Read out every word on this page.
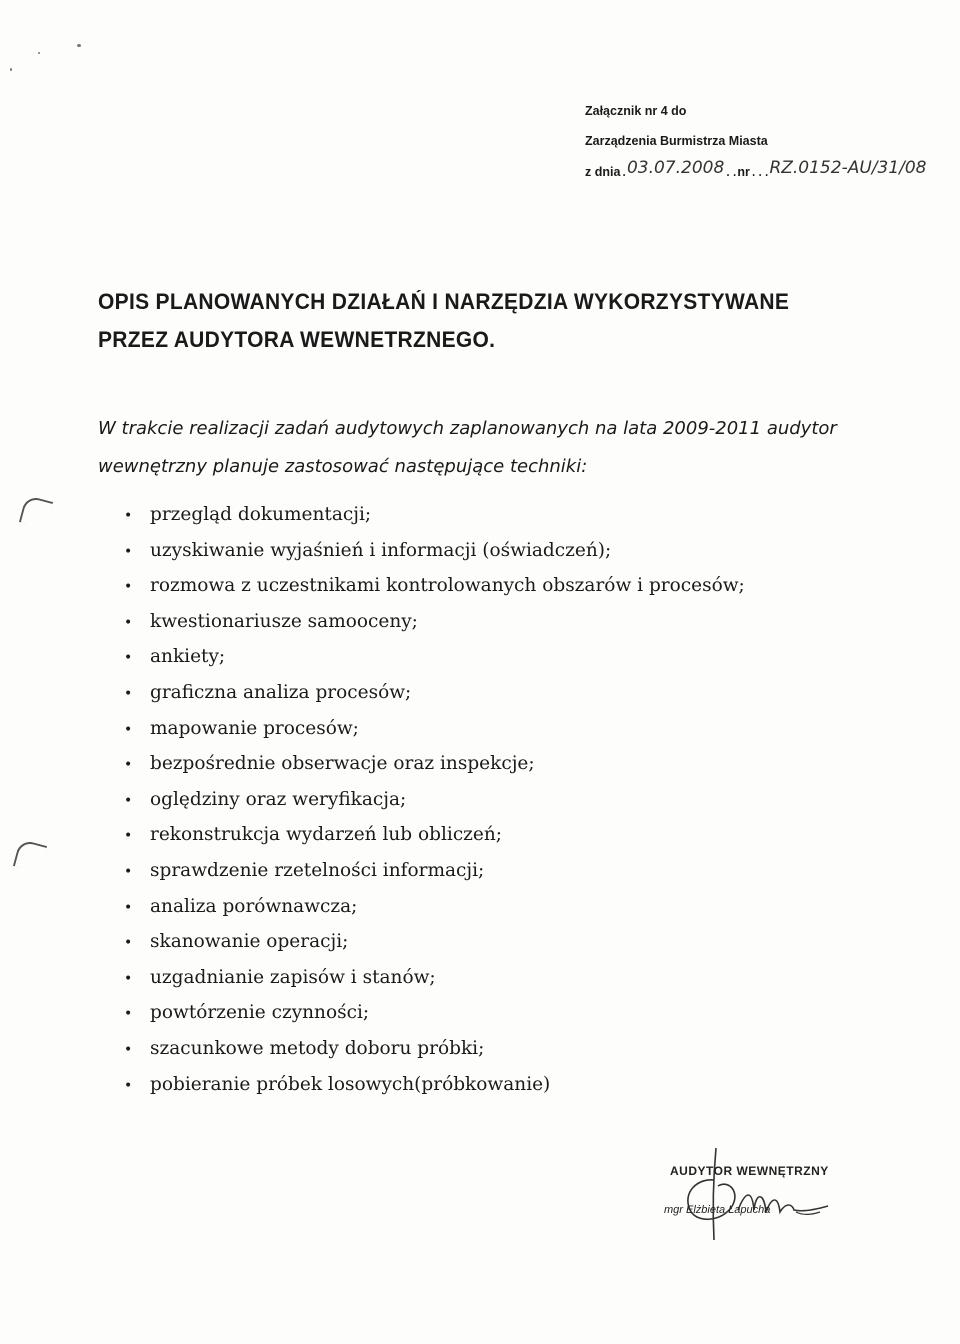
Załącznik nr 4 do
Zarządzenia Burmistrza Miasta
z dnia.03.07.2008..nr...RZ.0152-AU/31/08
OPIS PLANOWANYCH DZIAŁAŃ I NARZĘDZIA WYKORZYSTYWANE
PRZEZ AUDYTORA WEWNETRZNEGO.
W trakcie realizacji zadań audytowych zaplanowanych na lata 2009-2011 audytor
wewnętrzny planuje zastosować następujące techniki:
• przegląd dokumentacji;
• uzyskiwanie wyjaśnień i informacji (oświadczeń);
• rozmowa z uczestnikami kontrolowanych obszarów i procesów;
• kwestionariusze samooceny;
• ankiety;
• graficzna analiza procesów;
• mapowanie procesów;
• bezpośrednie obserwacje oraz inspekcje;
• oględziny oraz weryfikacja;
• rekonstrukcja wydarzeń lub obliczeń;
• sprawdzenie rzetelności informacji;
• analiza porównawcza;
• skanowanie operacji;
• uzgadnianie zapisów i stanów;
• powtórzenie czynności;
• szacunkowe metody doboru próbki;
• pobieranie próbek losowych(próbkowanie)
AUDYTOR WEWNĘTRZNY
mgr Elżbieta Łapucha
